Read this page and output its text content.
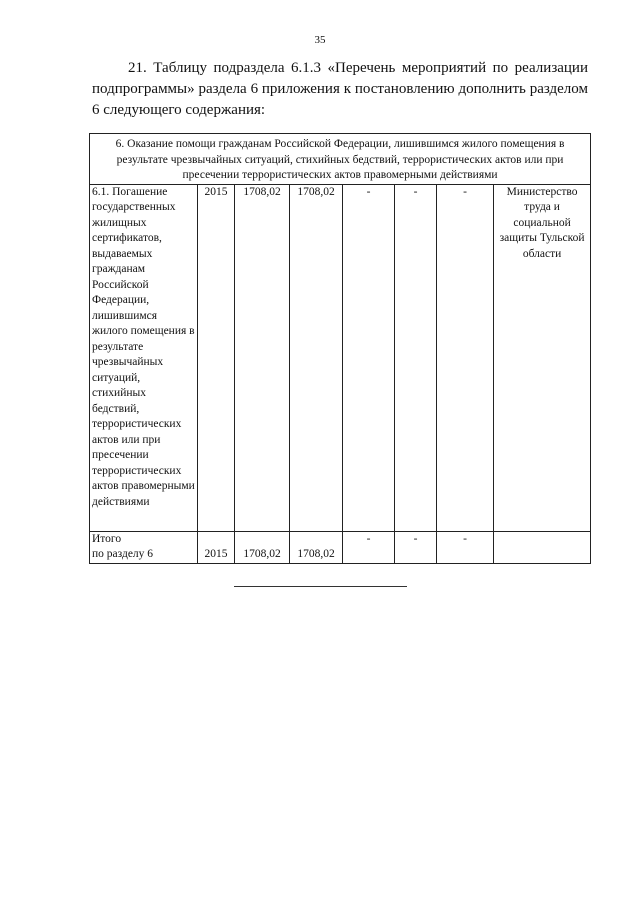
35

21. Таблицу подраздела 6.1.3 «Перечень мероприятий по реализации подпрограммы» раздела 6 приложения к постановлению дополнить разделом 6 следующего содержания:

6. Оказание помощи гражданам Российской Федерации, лишившимся жилого помещения в результате чрезвычайных ситуаций, стихийных бедствий, террористических актов или при пресечении террористических актов правомерными действиями							
6.1. Погашение государственных жилищных сертификатов, выдаваемых гражданам Российской Федерации, лишившимся жилого помещения в результате чрезвычайных ситуаций, стихийных бедствий, террористических актов или при пресечении террористических актов правомерными действиями	2015	1708,02	1708,02	-	-	-	Министерство труда и социальной защиты Тульской области

Итого
по разделу 6	2015	1708,02	1708,02	-	-	-	
